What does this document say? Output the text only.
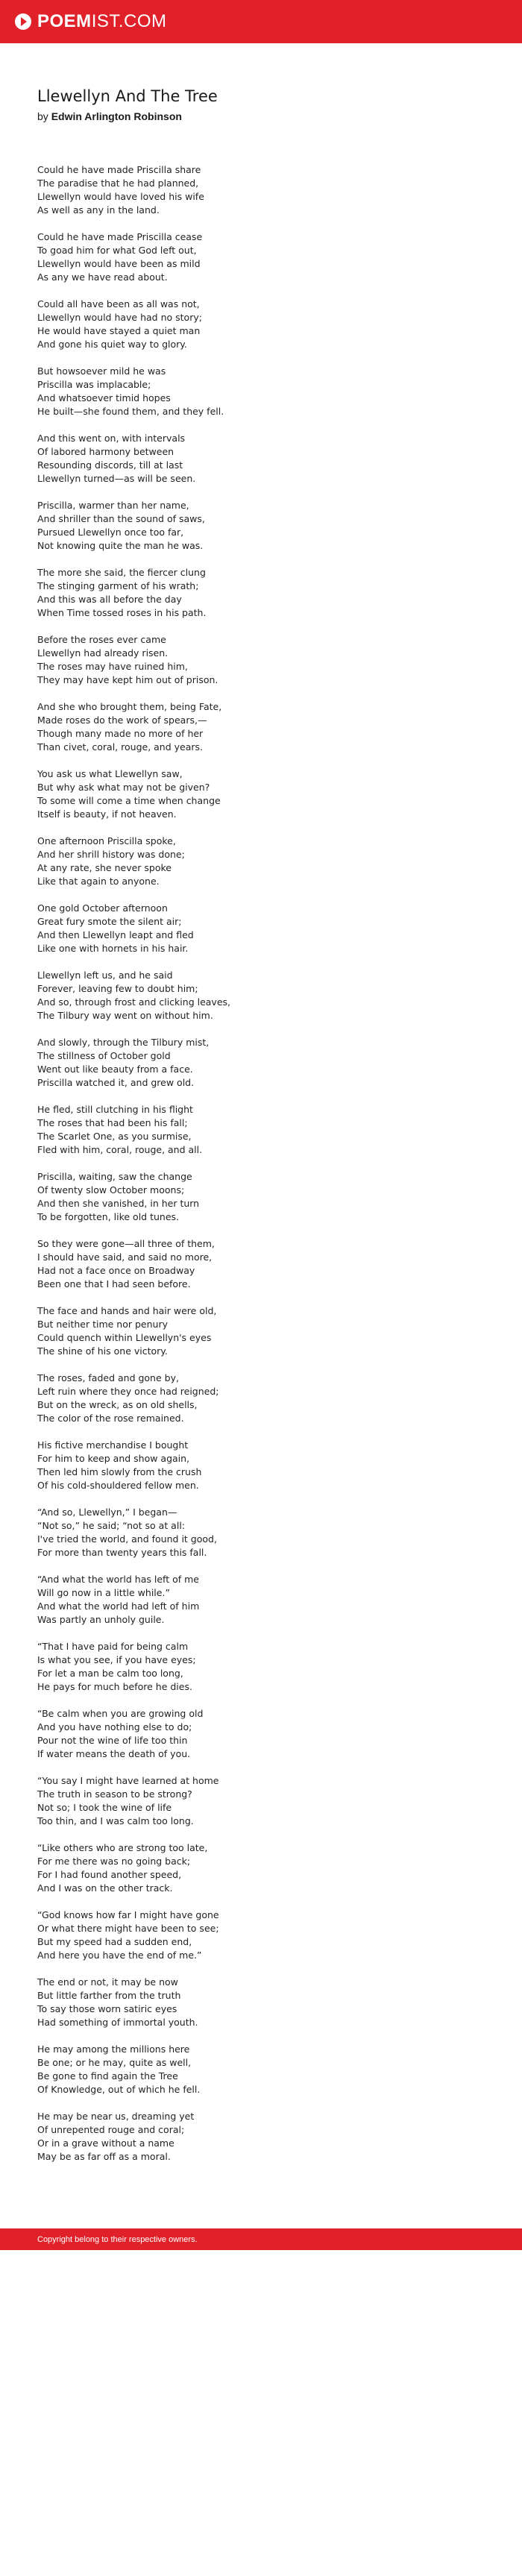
POEM IST.COM
Llewellyn And The Tree
by Edwin Arlington Robinson
Could he have made Priscilla share
The paradise that he had planned,
Llewellyn would have loved his wife
As well as any in the land.
Could he have made Priscilla cease
To goad him for what God left out,
Llewellyn would have been as mild
As any we have read about.
Could all have been as all was not,
Llewellyn would have had no story;
He would have stayed a quiet man
And gone his quiet way to glory.
But howsoever mild he was
Priscilla was implacable;
And whatsoever timid hopes
He built—she found them, and they fell.
And this went on, with intervals
Of labored harmony between
Resounding discords, till at last
Llewellyn turned—as will be seen.
Priscilla, warmer than her name,
And shriller than the sound of saws,
Pursued Llewellyn once too far,
Not knowing quite the man he was.
The more she said, the fiercer clung
The stinging garment of his wrath;
And this was all before the day
When Time tossed roses in his path.
Before the roses ever came
Llewellyn had already risen.
The roses may have ruined him,
They may have kept him out of prison.
And she who brought them, being Fate,
Made roses do the work of spears,—
Though many made no more of her
Than civet, coral, rouge, and years.
You ask us what Llewellyn saw,
But why ask what may not be given?
To some will come a time when change
Itself is beauty, if not heaven.
One afternoon Priscilla spoke,
And her shrill history was done;
At any rate, she never spoke
Like that again to anyone.
One gold October afternoon
Great fury smote the silent air;
And then Llewellyn leapt and fled
Like one with hornets in his hair.
Llewellyn left us, and he said
Forever, leaving few to doubt him;
And so, through frost and clicking leaves,
The Tilbury way went on without him.
And slowly, through the Tilbury mist,
The stillness of October gold
Went out like beauty from a face.
Priscilla watched it, and grew old.
He fled, still clutching in his flight
The roses that had been his fall;
The Scarlet One, as you surmise,
Fled with him, coral, rouge, and all.
Priscilla, waiting, saw the change
Of twenty slow October moons;
And then she vanished, in her turn
To be forgotten, like old tunes.
So they were gone—all three of them,
I should have said, and said no more,
Had not a face once on Broadway
Been one that I had seen before.
The face and hands and hair were old,
But neither time nor penury
Could quench within Llewellyn's eyes
The shine of his one victory.
The roses, faded and gone by,
Left ruin where they once had reigned;
But on the wreck, as on old shells,
The color of the rose remained.
His fictive merchandise I bought
For him to keep and show again,
Then led him slowly from the crush
Of his cold-shouldered fellow men.
“And so, Llewellyn,” I began—
“Not so,” he said; “not so at all:
I've tried the world, and found it good,
For more than twenty years this fall.
“And what the world has left of me
Will go now in a little while.”
And what the world had left of him
Was partly an unholy guile.
“That I have paid for being calm
Is what you see, if you have eyes;
For let a man be calm too long,
He pays for much before he dies.
“Be calm when you are growing old
And you have nothing else to do;
Pour not the wine of life too thin
If water means the death of you.
“You say I might have learned at home
The truth in season to be strong?
Not so; I took the wine of life
Too thin, and I was calm too long.
“Like others who are strong too late,
For me there was no going back;
For I had found another speed,
And I was on the other track.
“God knows how far I might have gone
Or what there might have been to see;
But my speed had a sudden end,
And here you have the end of me.”
The end or not, it may be now
But little farther from the truth
To say those worn satiric eyes
Had something of immortal youth.
He may among the millions here
Be one; or he may, quite as well,
Be gone to find again the Tree
Of Knowledge, out of which he fell.
He may be near us, dreaming yet
Of unrepented rouge and coral;
Or in a grave without a name
May be as far off as a moral.
Copyright belong to their respective owners.
